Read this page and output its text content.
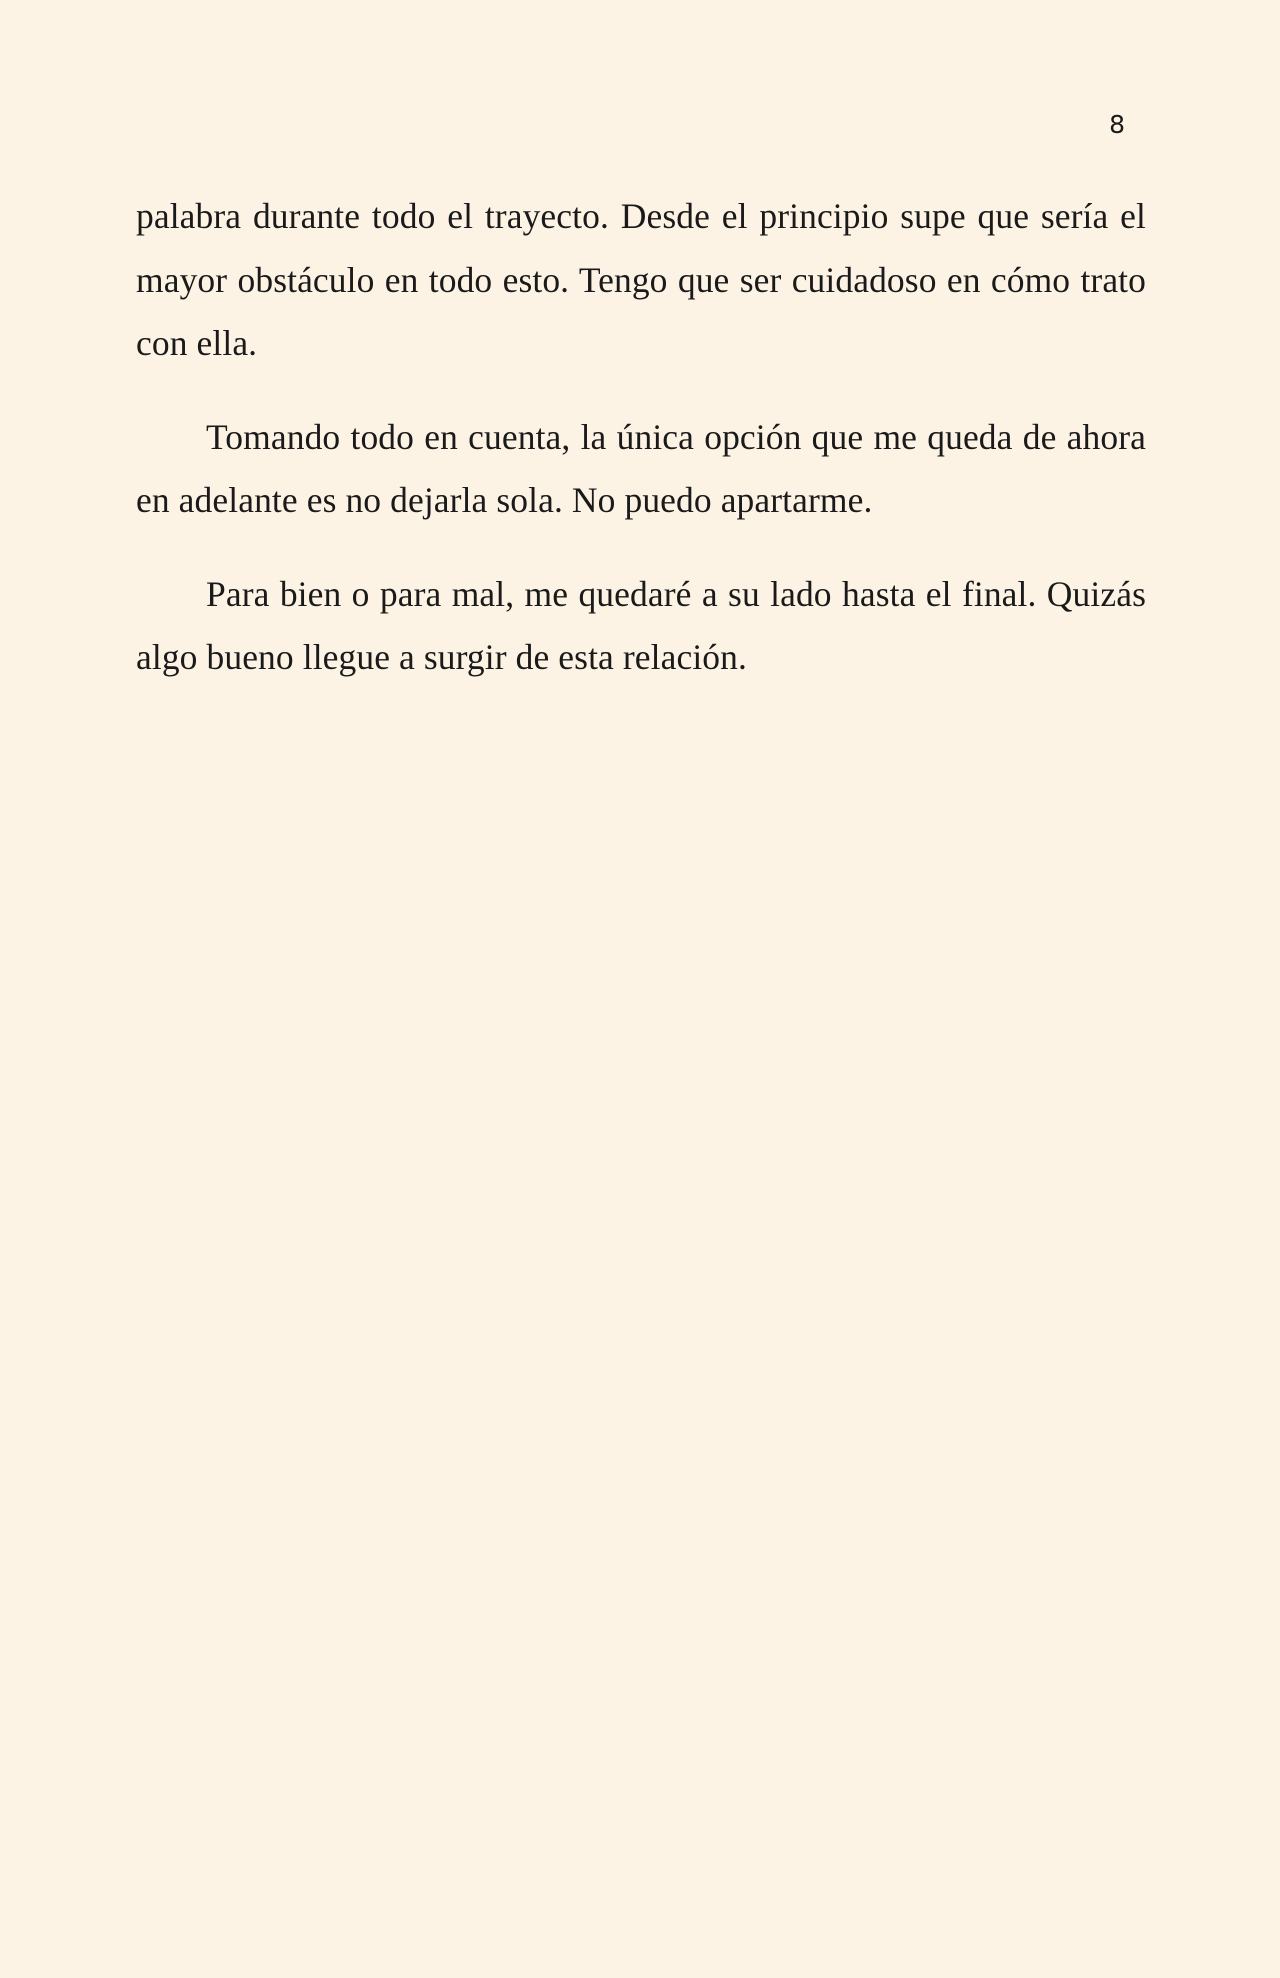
8

palabra durante todo el trayecto. Desde el principio supe que sería el mayor obstáculo en todo esto. Tengo que ser cuidadoso en cómo trato con ella.

Tomando todo en cuenta, la única opción que me queda de ahora en adelante es no dejarla sola. No puedo apartarme.

Para bien o para mal, me quedaré a su lado hasta el final. Quizás algo bueno llegue a surgir de esta relación.
